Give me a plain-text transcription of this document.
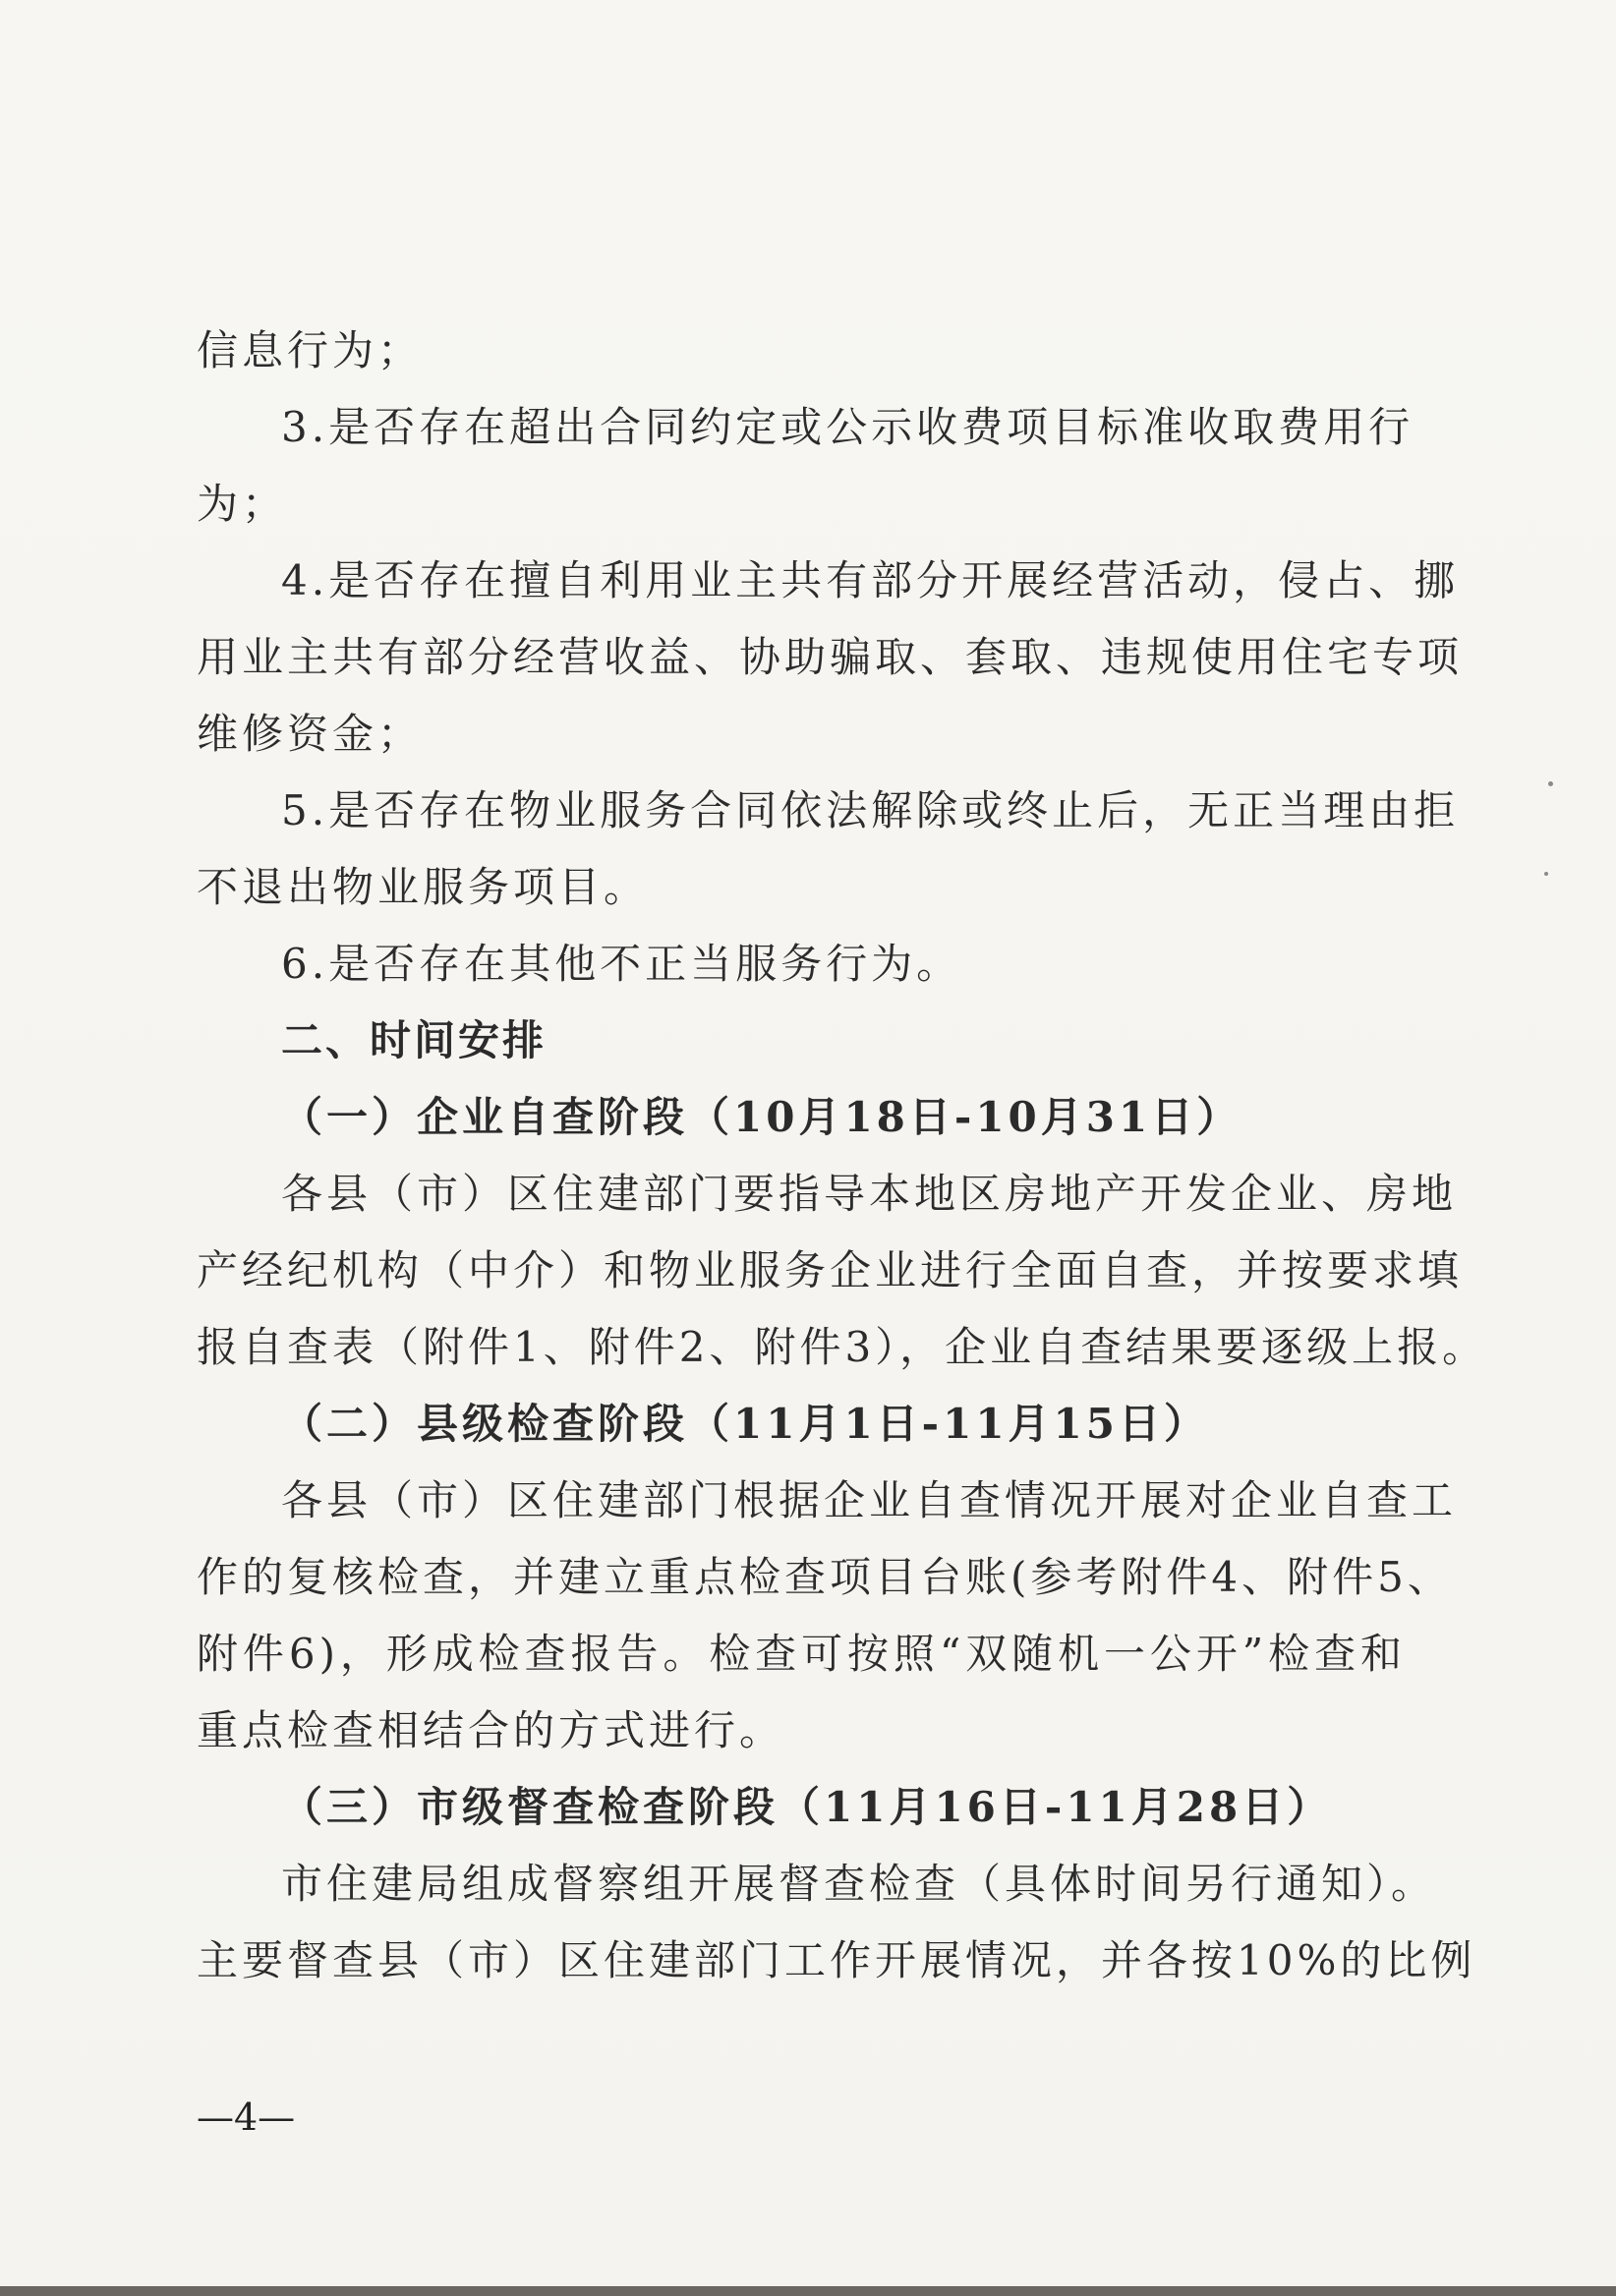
信息行为；
3.是否存在超出合同约定或公示收费项目标准收取费用行
为；
4.是否存在擅自利用业主共有部分开展经营活动，侵占、挪
用业主共有部分经营收益、协助骗取、套取、违规使用住宅专项
维修资金；
5.是否存在物业服务合同依法解除或终止后，无正当理由拒
不退出物业服务项目。
6.是否存在其他不正当服务行为。
二、时间安排
（一）企业自查阶段（10月18日-10月31日）
各县（市）区住建部门要指导本地区房地产开发企业、房地
产经纪机构（中介）和物业服务企业进行全面自查，并按要求填
报自查表（附件1、附件2、附件3），企业自查结果要逐级上报。
（二）县级检查阶段（11月1日-11月15日）
各县（市）区住建部门根据企业自查情况开展对企业自查工
作的复核检查，并建立重点检查项目台账(参考附件4、附件5、
附件6)，形成检查报告。检查可按照“双随机一公开”检查和
重点检查相结合的方式进行。
（三）市级督查检查阶段（11月16日-11月28日）
市住建局组成督察组开展督查检查（具体时间另行通知）。
主要督查县（市）区住建部门工作开展情况，并各按10%的比例
—4—
